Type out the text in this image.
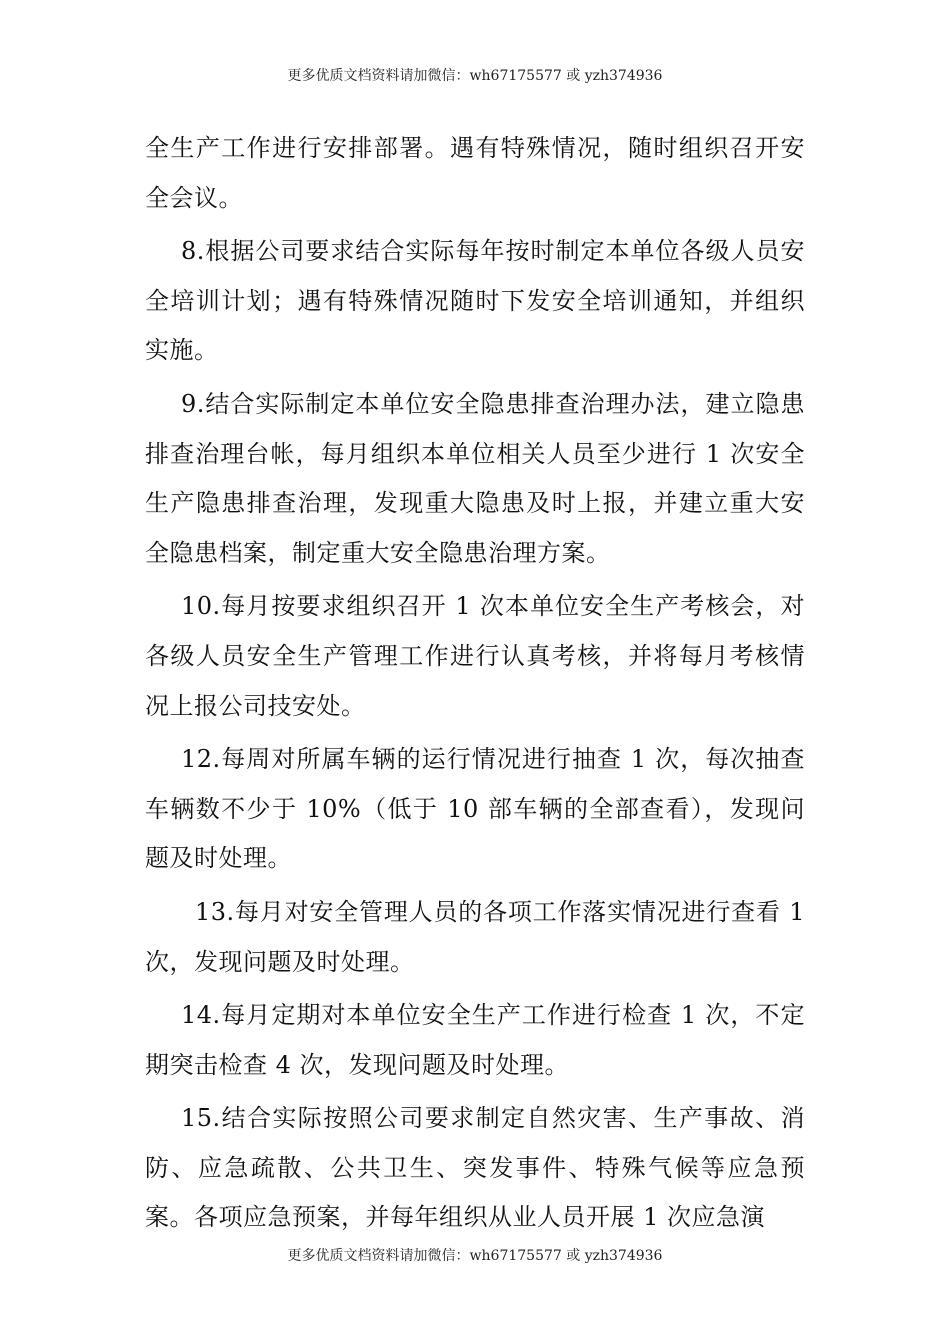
更多优质文档资料请加微信：wh67175577 或 yzh374936

全生产工作进行安排部署。遇有特殊情况，随时组织召开安全会议。

8.根据公司要求结合实际每年按时制定本单位各级人员安全培训计划；遇有特殊情况随时下发安全培训通知，并组织实施。

9.结合实际制定本单位安全隐患排查治理办法，建立隐患排查治理台帐，每月组织本单位相关人员至少进行 1 次安全生产隐患排查治理，发现重大隐患及时上报，并建立重大安全隐患档案，制定重大安全隐患治理方案。

10.每月按要求组织召开 1 次本单位安全生产考核会，对各级人员安全生产管理工作进行认真考核，并将每月考核情况上报公司技安处。

12.每周对所属车辆的运行情况进行抽查 1 次，每次抽查车辆数不少于 10%（低于 10 部车辆的全部查看），发现问题及时处理。

13.每月对安全管理人员的各项工作落实情况进行查看 1 次，发现问题及时处理。

14.每月定期对本单位安全生产工作进行检查 1 次，不定期突击检查 4 次，发现问题及时处理。

15.结合实际按照公司要求制定自然灾害、生产事故、消防、应急疏散、公共卫生、突发事件、特殊气候等应急预案。各项应急预案，并每年组织从业人员开展 1 次应急演

更多优质文档资料请加微信：wh67175577 或 yzh374936
